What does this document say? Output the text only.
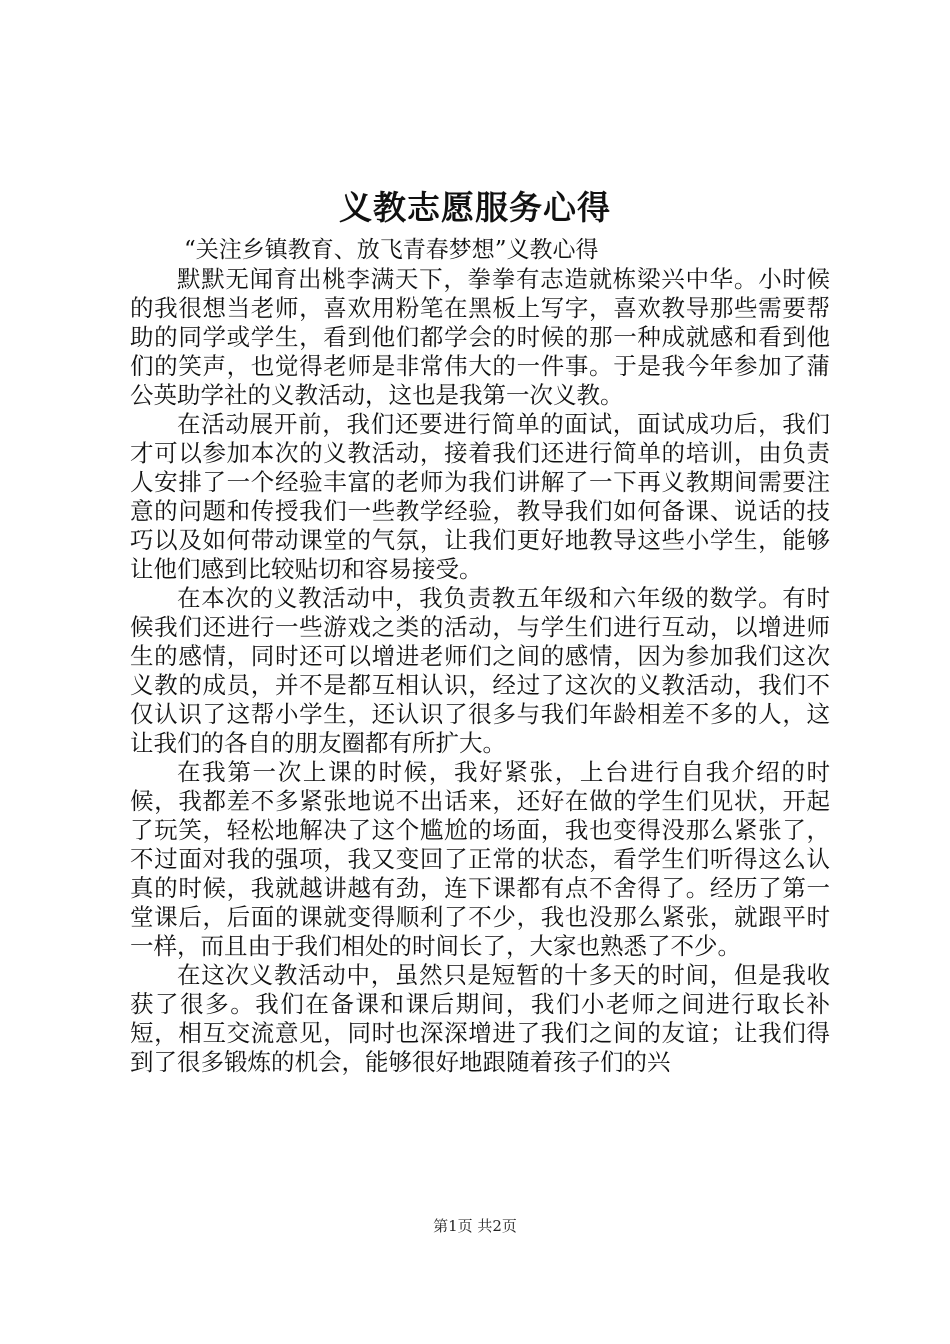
义教志愿服务心得
“关注乡镇教育、放飞青春梦想”义教心得

默默无闻育出桃李满天下，拳拳有志造就栋梁兴中华。小时候的我很想当老师，喜欢用粉笔在黑板上写字，喜欢教导那些需要帮助的同学或学生，看到他们都学会的时候的那一种成就感和看到他们的笑声，也觉得老师是非常伟大的一件事。于是我今年参加了蒲公英助学社的义教活动，这也是我第一次义教。

在活动展开前，我们还要进行简单的面试，面试成功后，我们才可以参加本次的义教活动，接着我们还进行简单的培训，由负责人安排了一个经验丰富的老师为我们讲解了一下再义教期间需要注意的问题和传授我们一些教学经验，教导我们如何备课、说话的技巧以及如何带动课堂的气氛，让我们更好地教导这些小学生，能够让他们感到比较贴切和容易接受。

在本次的义教活动中，我负责教五年级和六年级的数学。有时候我们还进行一些游戏之类的活动，与学生们进行互动，以增进师生的感情，同时还可以增进老师们之间的感情，因为参加我们这次义教的成员，并不是都互相认识，经过了这次的义教活动，我们不仅认识了这帮小学生，还认识了很多与我们年龄相差不多的人，这让我们的各自的朋友圈都有所扩大。

在我第一次上课的时候，我好紧张，上台进行自我介绍的时候，我都差不多紧张地说不出话来，还好在做的学生们见状，开起了玩笑，轻松地解决了这个尴尬的场面，我也变得没那么紧张了，不过面对我的强项，我又变回了正常的状态，看学生们听得这么认真的时候，我就越讲越有劲，连下课都有点不舍得了。经历了第一堂课后，后面的课就变得顺利了不少，我也没那么紧张，就跟平时一样，而且由于我们相处的时间长了，大家也熟悉了不少。

在这次义教活动中，虽然只是短暂的十多天的时间，但是我收获了很多。我们在备课和课后期间，我们小老师之间进行取长补短，相互交流意见，同时也深深增进了我们之间的友谊；让我们得到了很多锻炼的机会，能够很好地跟随着孩子们的兴

第1页 共2页
